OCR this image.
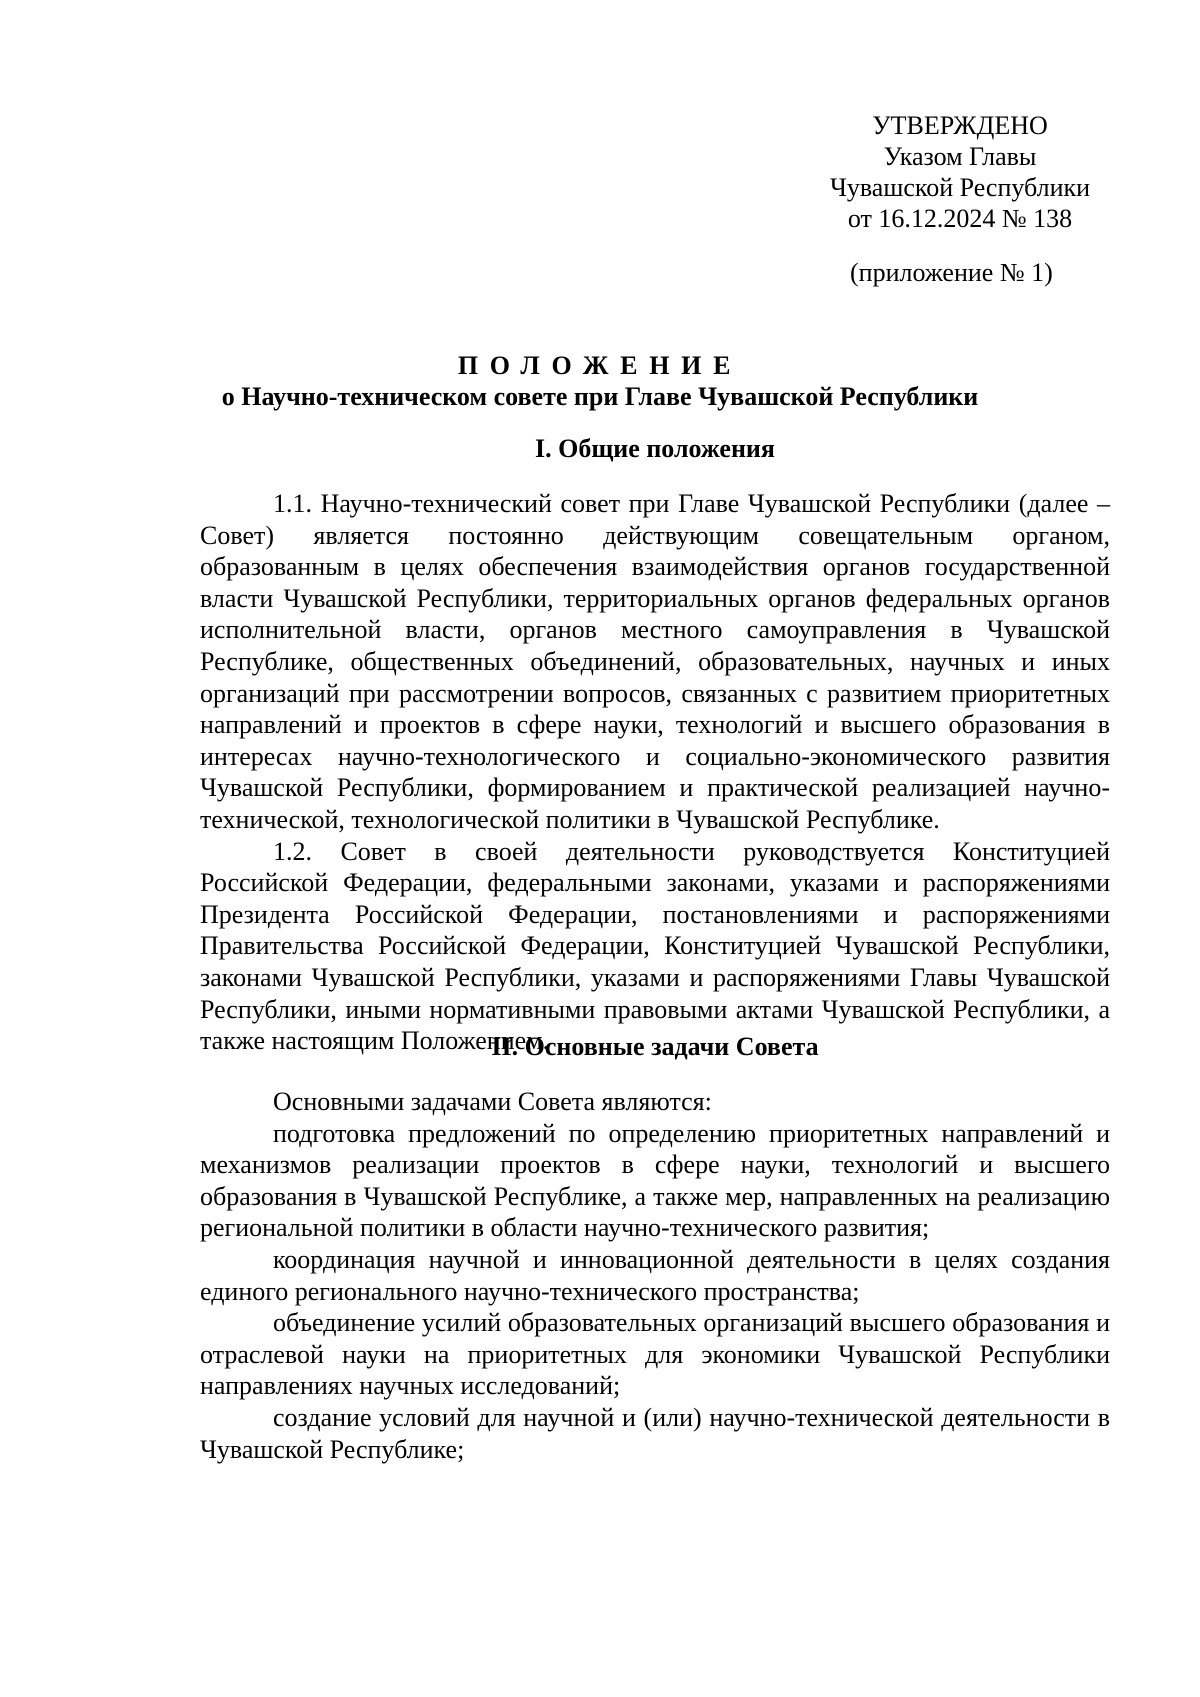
УТВЕРЖДЕНО
Указом Главы
Чувашской Республики
от 16.12.2024 № 138
(приложение № 1)
ПОЛОЖЕНИЕ
о Научно-техническом совете при Главе Чувашской Республики
I. Общие положения

1.1. Научно-технический совет при Главе Чувашской Республики (далее – Совет) является постоянно действующим совещательным органом, образованным в целях обеспечения взаимодействия органов государственной власти Чувашской Республики, территориальных органов федеральных органов исполнительной власти, органов местного самоуправления в Чувашской Республике, общественных объединений, образовательных, научных и иных организаций при рассмотрении вопросов, связанных с развитием приоритетных направлений и проектов в сфере науки, технологий и высшего образования в интересах научно-технологического и социально-экономического развития Чувашской Республики, формированием и практической реализацией научно-технической, технологической политики в Чувашской Республике.

1.2. Совет в своей деятельности руководствуется Конституцией Российской Федерации, федеральными законами, указами и распоряжениями Президента Российской Федерации, постановлениями и распоряжениями Правительства Российской Федерации, Конституцией Чувашской Республики, законами Чувашской Республики, указами и распоряжениями Главы Чувашской Республики, иными нормативными правовыми актами Чувашской Республики, а также настоящим Положением.

II. Основные задачи Совета

Основными задачами Совета являются:

подготовка предложений по определению приоритетных направлений и механизмов реализации проектов в сфере науки, технологий и высшего образования в Чувашской Республике, а также мер, направленных на реализацию региональной политики в области научно-технического развития;

координация научной и инновационной деятельности в целях создания единого регионального научно-технического пространства;

объединение усилий образовательных организаций высшего образования и отраслевой науки на приоритетных для экономики Чувашской Республики направлениях научных исследований;

создание условий для научной и (или) научно-технической деятельности в Чувашской Республике;
